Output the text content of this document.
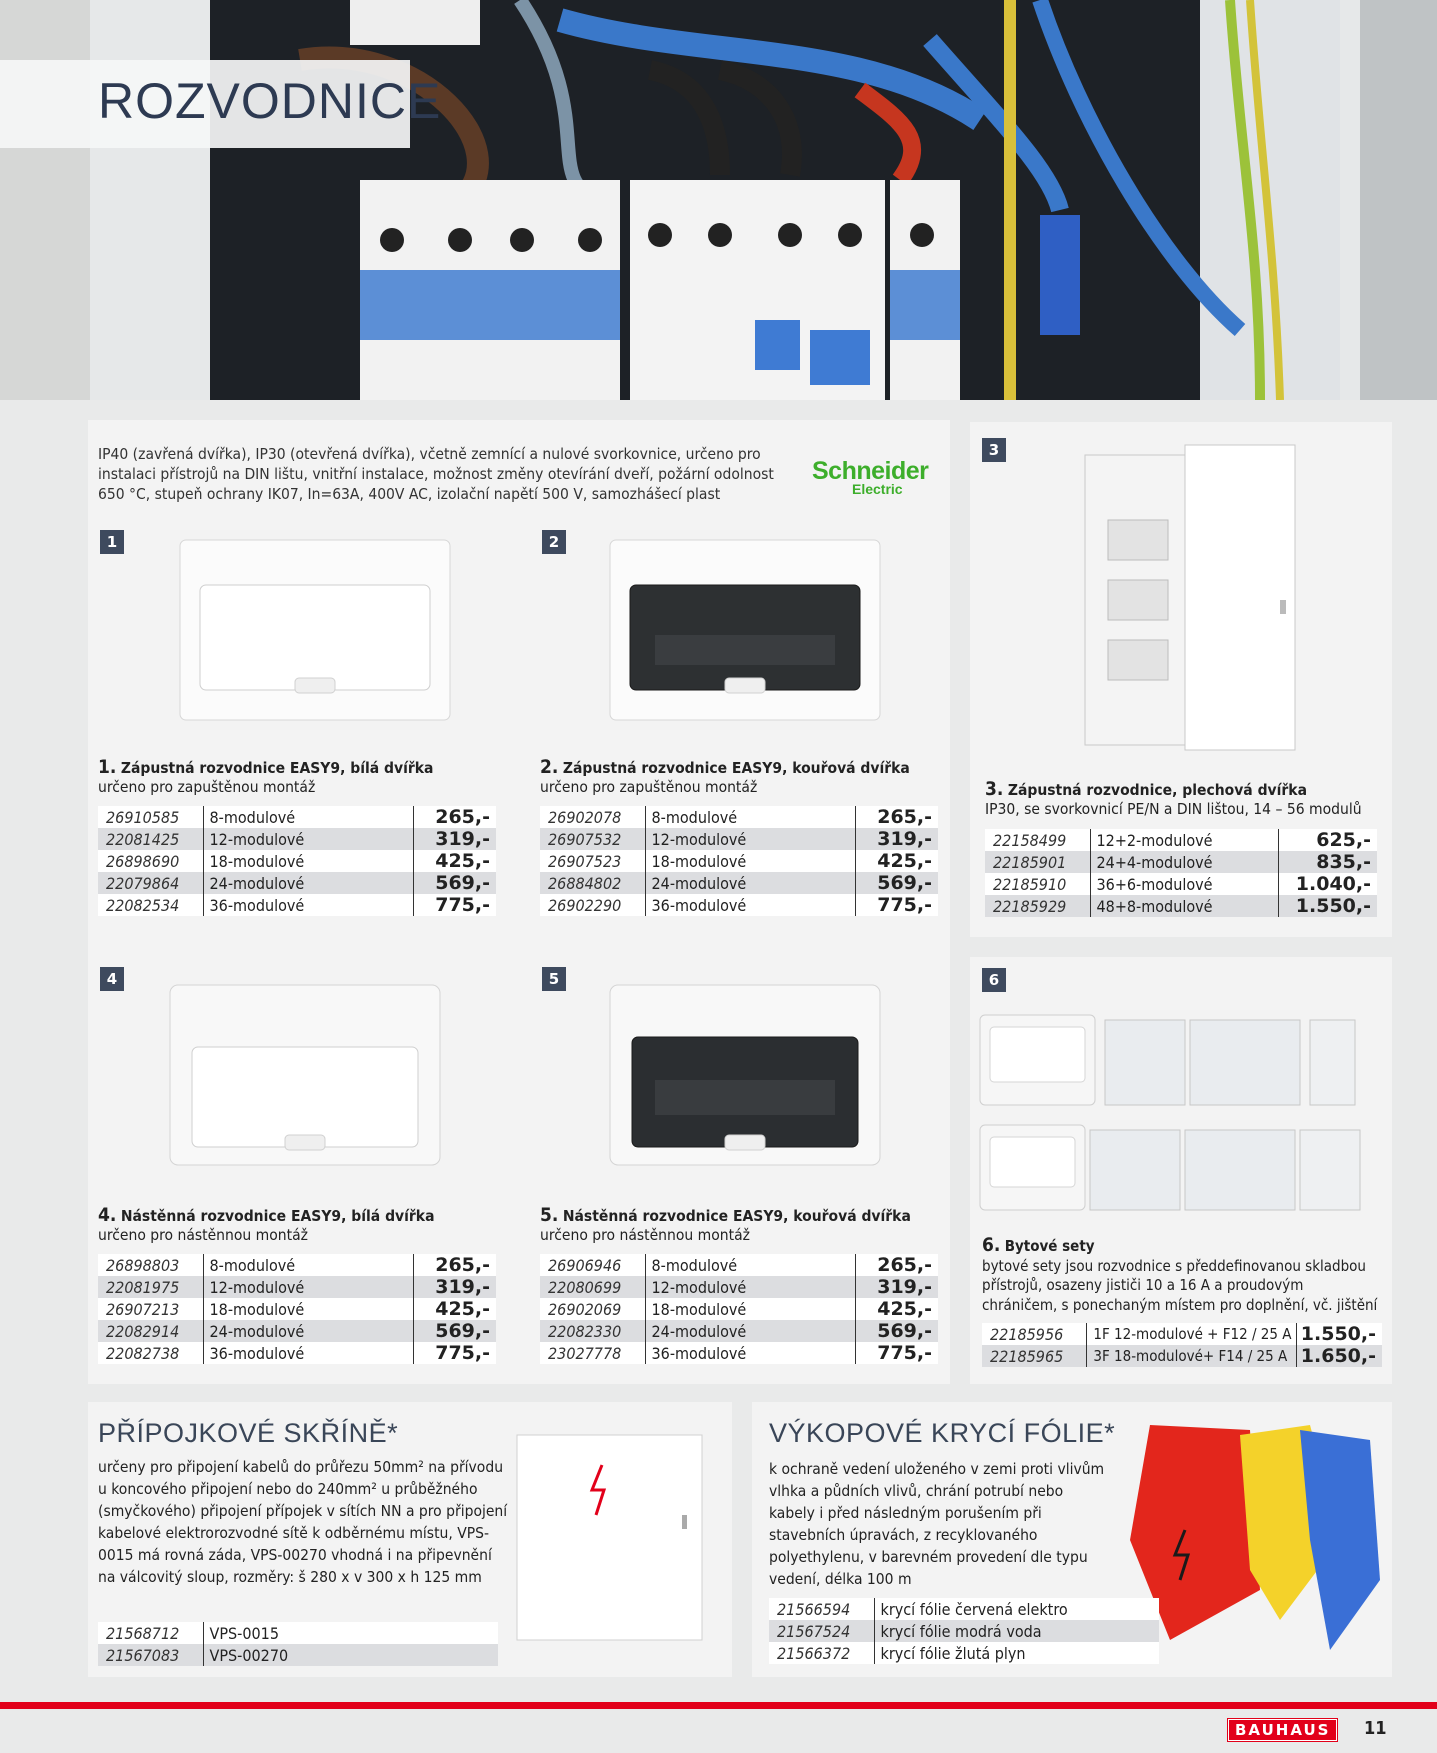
ROZVODNICE
IP40 (zavřená dvířka), IP30 (otevřená dvířka), včetně zemnící a nulové svorkovnice, určeno pro instalaci přístrojů na DIN lištu, vnitřní instalace, možnost změny otevírání dveří, požární odolnost 650 °C, stupeň ochrany IK07, In=63A, 400V AC, izolační napětí 500 V, samozhášecí plast
Schneider
Electric
1
1. Zápustná rozvodnice EASY9, bílá dvířka
určeno pro zapuštěnou montáž
26910585	8-modulové	265,-
22081425	12-modulové	319,-
26898690	18-modulové	425,-
22079864	24-modulové	569,-
22082534	36-modulové	775,-
2
2. Zápustná rozvodnice EASY9, kouřová dvířka
určeno pro zapuštěnou montáž
26902078	8-modulové	265,-
26907532	12-modulové	319,-
26907523	18-modulové	425,-
26884802	24-modulové	569,-
26902290	36-modulové	775,-
4
4. Nástěnná rozvodnice EASY9, bílá dvířka
určeno pro nástěnnou montáž
26898803	8-modulové	265,-
22081975	12-modulové	319,-
26907213	18-modulové	425,-
22082914	24-modulové	569,-
22082738	36-modulové	775,-
5
5. Nástěnná rozvodnice EASY9, kouřová dvířka
určeno pro nástěnnou montáž
26906946	8-modulové	265,-
22080699	12-modulové	319,-
26902069	18-modulové	425,-
22082330	24-modulové	569,-
23027778	36-modulové	775,-
3
3. Zápustná rozvodnice, plechová dvířka
IP30, se svorkovnicí PE/N a DIN lištou, 14 – 56 modulů
22158499	12+2-modulové	625,-
22185901	24+4-modulové	835,-
22185910	36+6-modulové	1.040,-
22185929	48+8-modulové	1.550,-
6
6. Bytové sety
bytové sety jsou rozvodnice s předdefinovanou skladbou přístrojů, osazeny jističi 10 a 16 A a proudovým chráničem, s ponechaným místem pro doplnění, vč. jištění
22185956	1F 12-modulové + F12 / 25 A	1.550,-
22185965	3F 18-modulové+ F14 / 25 A	1.650,-
PŘÍPOJKOVÉ SKŘÍNĚ*
určeny pro připojení kabelů do průřezu 50mm² na přívodu u koncového připojení nebo do 240mm² u průběžného (smyčkového) připojení přípojek v sítích NN a pro připojení kabelové elektrorozvodné sítě k odběrnému místu, VPS-0015 má rovná záda, VPS-00270 vhodná i na připevnění na válcovitý sloup, rozměry: š 280 x v 300 x h 125 mm
21568712	VPS-0015
21567083	VPS-00270
VÝKOPOVÉ KRYCÍ FÓLIE*
k ochraně vedení uloženého v zemi proti vlivům vlhka a půdních vlivů, chrání potrubí nebo kabely i před následným porušením při stavebních úpravách, z recyklovaného polyethylenu, v barevném provedení dle typu vedení, délka 100 m
21566594	krycí fólie červená elektro
21567524	krycí fólie modrá voda
21566372	krycí fólie žlutá plyn
BAUHAUS	11
